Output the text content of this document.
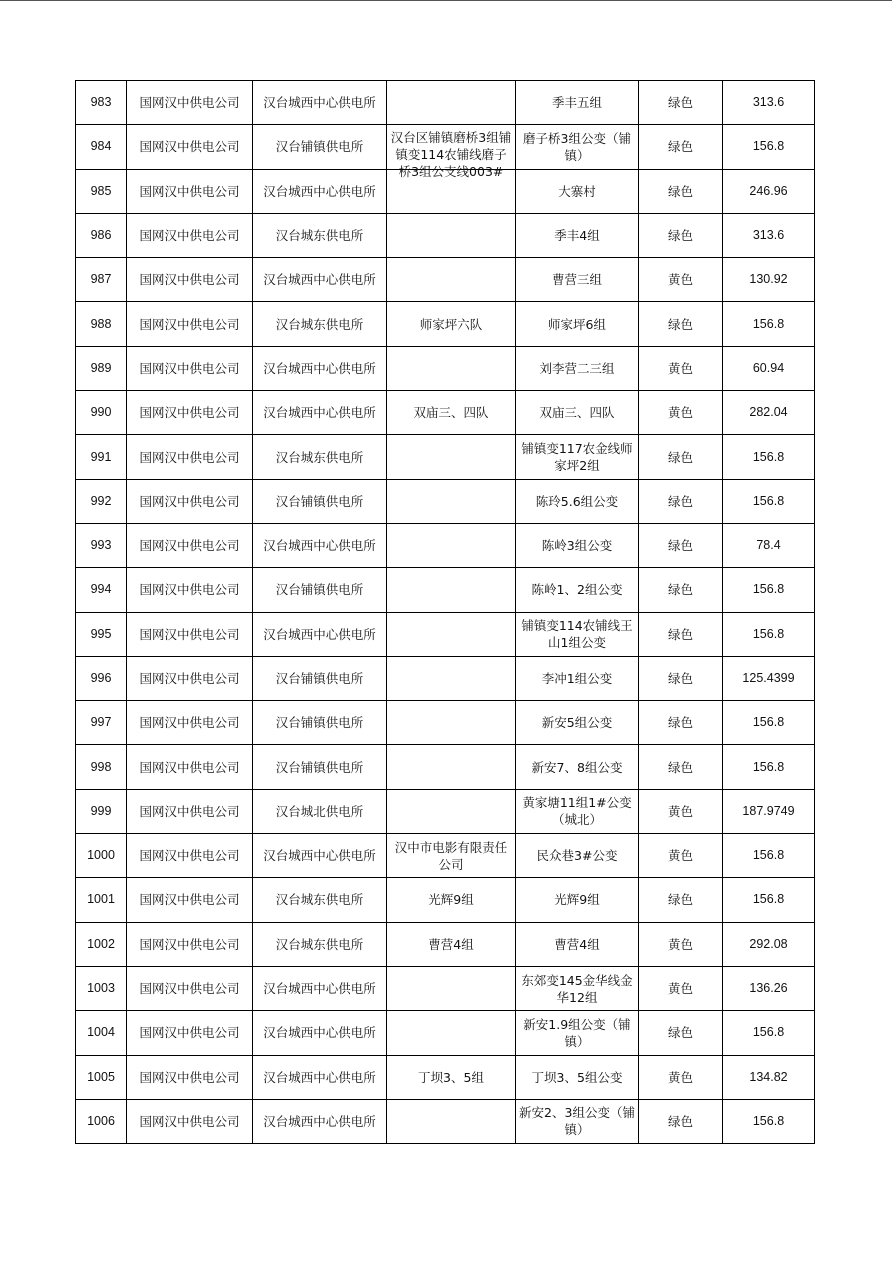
983	国网汉中供电公司	汉台城西中心供电所		季丰五组	绿色	313.6

984	国网汉中供电公司	汉台铺镇供电所	汉台区铺镇磨桥3组铺镇变114农铺线磨子桥3组公支线003#	磨子桥3组公变（铺镇）	绿色	156.8

985	国网汉中供电公司	汉台城西中心供电所		大寨村	绿色	246.96

986	国网汉中供电公司	汉台城东供电所		季丰4组	绿色	313.6

987	国网汉中供电公司	汉台城西中心供电所		曹营三组	黄色	130.92

988	国网汉中供电公司	汉台城东供电所	师家坪六队	师家坪6组	绿色	156.8

989	国网汉中供电公司	汉台城西中心供电所		刘李营二三组	黄色	60.94

990	国网汉中供电公司	汉台城西中心供电所	双庙三、四队	双庙三、四队	黄色	282.04

991	国网汉中供电公司	汉台城东供电所		铺镇变117农金线师家坪2组	绿色	156.8

992	国网汉中供电公司	汉台铺镇供电所		陈玲5.6组公变	绿色	156.8

993	国网汉中供电公司	汉台城西中心供电所		陈岭3组公变	绿色	78.4

994	国网汉中供电公司	汉台铺镇供电所		陈岭1、2组公变	绿色	156.8

995	国网汉中供电公司	汉台城西中心供电所		铺镇变114农铺线王山1组公变	绿色	156.8

996	国网汉中供电公司	汉台铺镇供电所		李冲1组公变	绿色	125.4399

997	国网汉中供电公司	汉台铺镇供电所		新安5组公变	绿色	156.8

998	国网汉中供电公司	汉台铺镇供电所		新安7、8组公变	绿色	156.8

999	国网汉中供电公司	汉台城北供电所		黄家塘11组1#公变（城北）	黄色	187.9749

1000	国网汉中供电公司	汉台城西中心供电所	汉中市电影有限责任公司	民众巷3#公变	黄色	156.8

1001	国网汉中供电公司	汉台城东供电所	光辉9组	光辉9组	绿色	156.8

1002	国网汉中供电公司	汉台城东供电所	曹营4组	曹营4组	黄色	292.08

1003	国网汉中供电公司	汉台城西中心供电所		东郊变145金华线金华12组	黄色	136.26

1004	国网汉中供电公司	汉台城西中心供电所		新安1.9组公变（铺镇）	绿色	156.8

1005	国网汉中供电公司	汉台城西中心供电所	丁坝3、5组	丁坝3、5组公变	黄色	134.82

1006	国网汉中供电公司	汉台城西中心供电所		新安2、3组公变（铺镇）	绿色	156.8
